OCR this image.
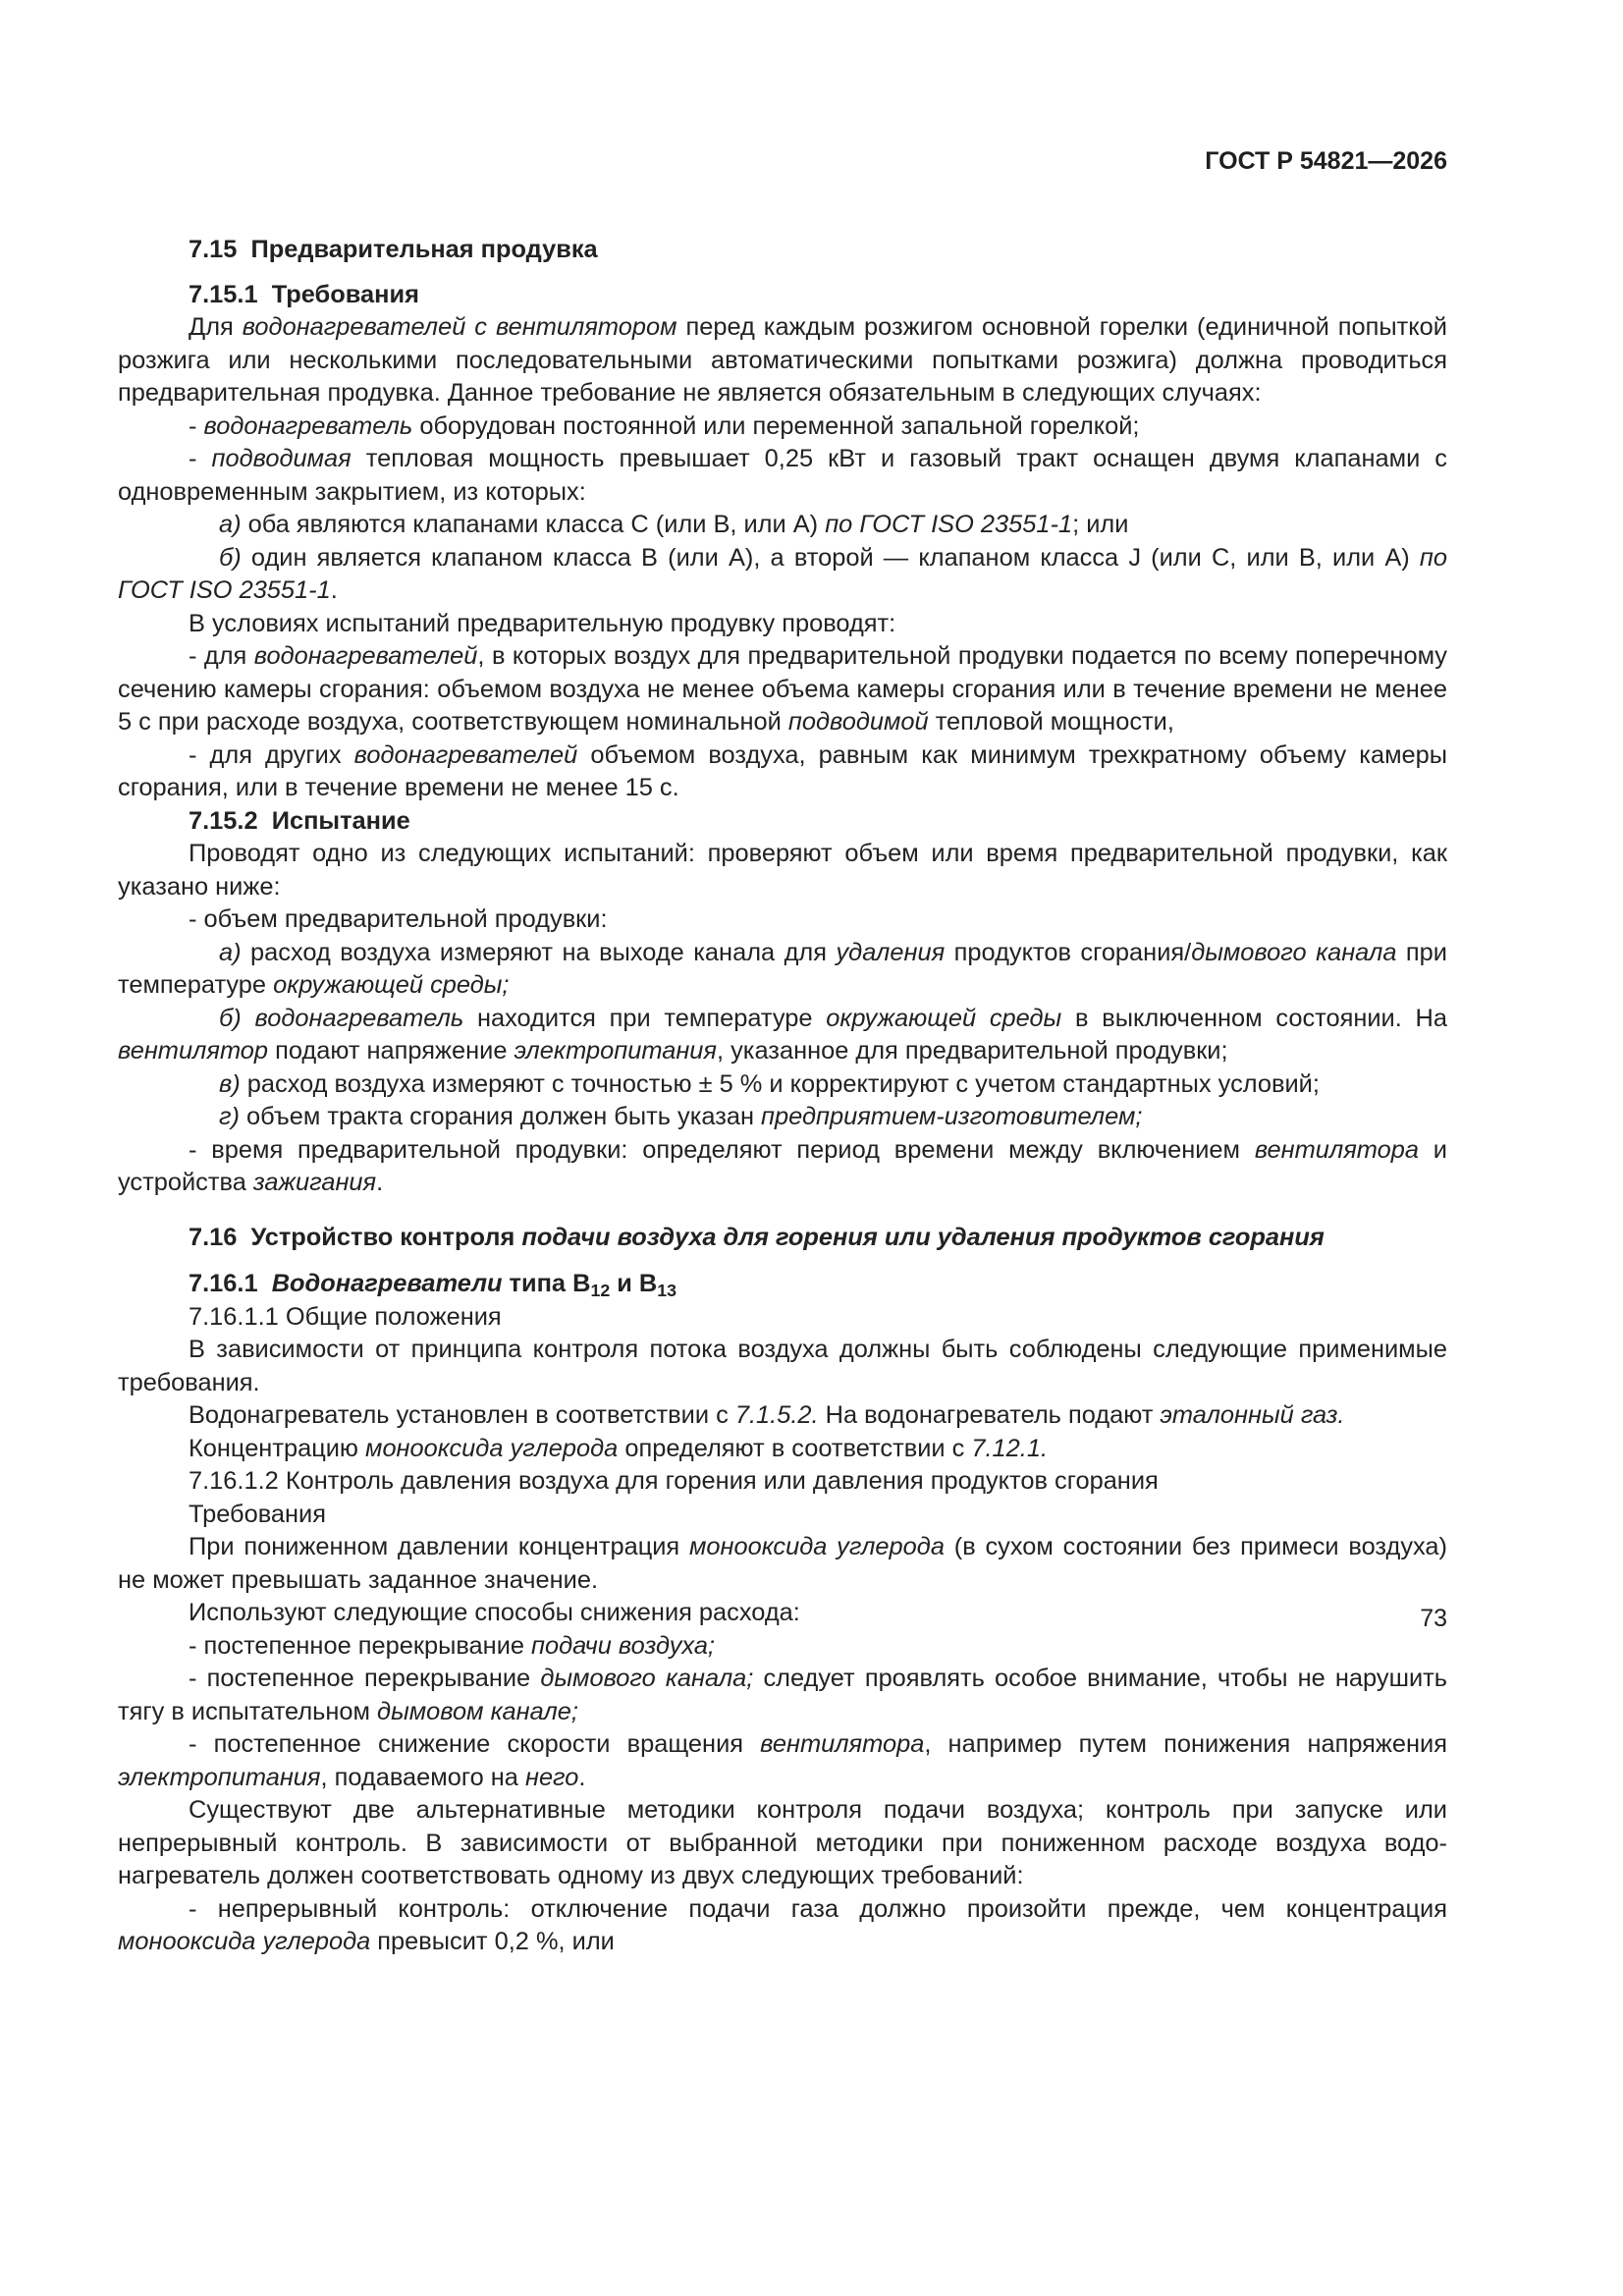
ГОСТ Р 54821—2026

7.15 Предварительная продувка

7.15.1 Требования

Для водонагревателей с вентилятором перед каждым розжигом основной горелки (единичной попыткой розжига или несколькими последовательными автоматическими попытками розжига) должна проводиться предварительная продувка. Данное требование не является обязательным в следующих случаях:

- водонагреватель оборудован постоянной или переменной запальной горелкой;

- подводимая тепловая мощность превышает 0,25 кВт и газовый тракт оснащен двумя клапанами с одновременным закрытием, из которых:

а) оба являются клапанами класса С (или В, или А) по ГОСТ ISO 23551-1; или

б) один является клапаном класса В (или А), а второй — клапаном класса J (или С, или В, или А) по ГОСТ ISO 23551-1.

В условиях испытаний предварительную продувку проводят:

- для водонагревателей, в которых воздух для предварительной продувки подается по всему поперечному сечению камеры сгорания: объемом воздуха не менее объема камеры сгорания или в течение времени не менее 5 с при расходе воздуха, соответствующем номинальной подводимой тепловой мощности,

- для других водонагревателей объемом воздуха, равным как минимум трехкратному объему камеры сгорания, или в течение времени не менее 15 с.

7.15.2 Испытание

Проводят одно из следующих испытаний: проверяют объем или время предварительной продувки, как указано ниже:

- объем предварительной продувки:

а) расход воздуха измеряют на выходе канала для удаления продуктов сгорания/дымового канала при температуре окружающей среды;

б) водонагреватель находится при температуре окружающей среды в выключенном состоянии. На вентилятор подают напряжение электропитания, указанное для предварительной продувки;

в) расход воздуха измеряют с точностью ± 5 % и корректируют с учетом стандартных условий;

г) объем тракта сгорания должен быть указан предприятием-изготовителем;

- время предварительной продувки: определяют период времени между включением вентилятора и устройства зажигания.

7.16 Устройство контроля подачи воздуха для горения или удаления продуктов сгорания

7.16.1 Водонагреватели типа $В_{12}$ и $В_{13}$

7.16.1.1 Общие положения

В зависимости от принципа контроля потока воздуха должны быть соблюдены следующие применимые требования.

Водонагреватель установлен в соответствии с 7.1.5.2. На водонагреватель подают эталонный газ.

Концентрацию монооксида углерода определяют в соответствии с 7.12.1.

7.16.1.2 Контроль давления воздуха для горения или давления продуктов сгорания

Требования

При пониженном давлении концентрация монооксида углерода (в сухом состоянии без примеси воздуха) не может превышать заданное значение.

Используют следующие способы снижения расхода:

- постепенное перекрывание подачи воздуха;

- постепенное перекрывание дымового канала; следует проявлять особое внимание, чтобы не нарушить тягу в испытательном дымовом канале;

- постепенное снижение скорости вращения вентилятора, например путем понижения напряжения электропитания, подаваемого на него.

Существуют две альтернативные методики контроля подачи воздуха; контроль при запуске или непрерывный контроль. В зависимости от выбранной методики при пониженном расходе воздуха водонагреватель должен соответствовать одному из двух следующих требований:

- непрерывный контроль: отключение подачи газа должно произойти прежде, чем концентрация монооксида углерода превысит 0,2 %, или

73
